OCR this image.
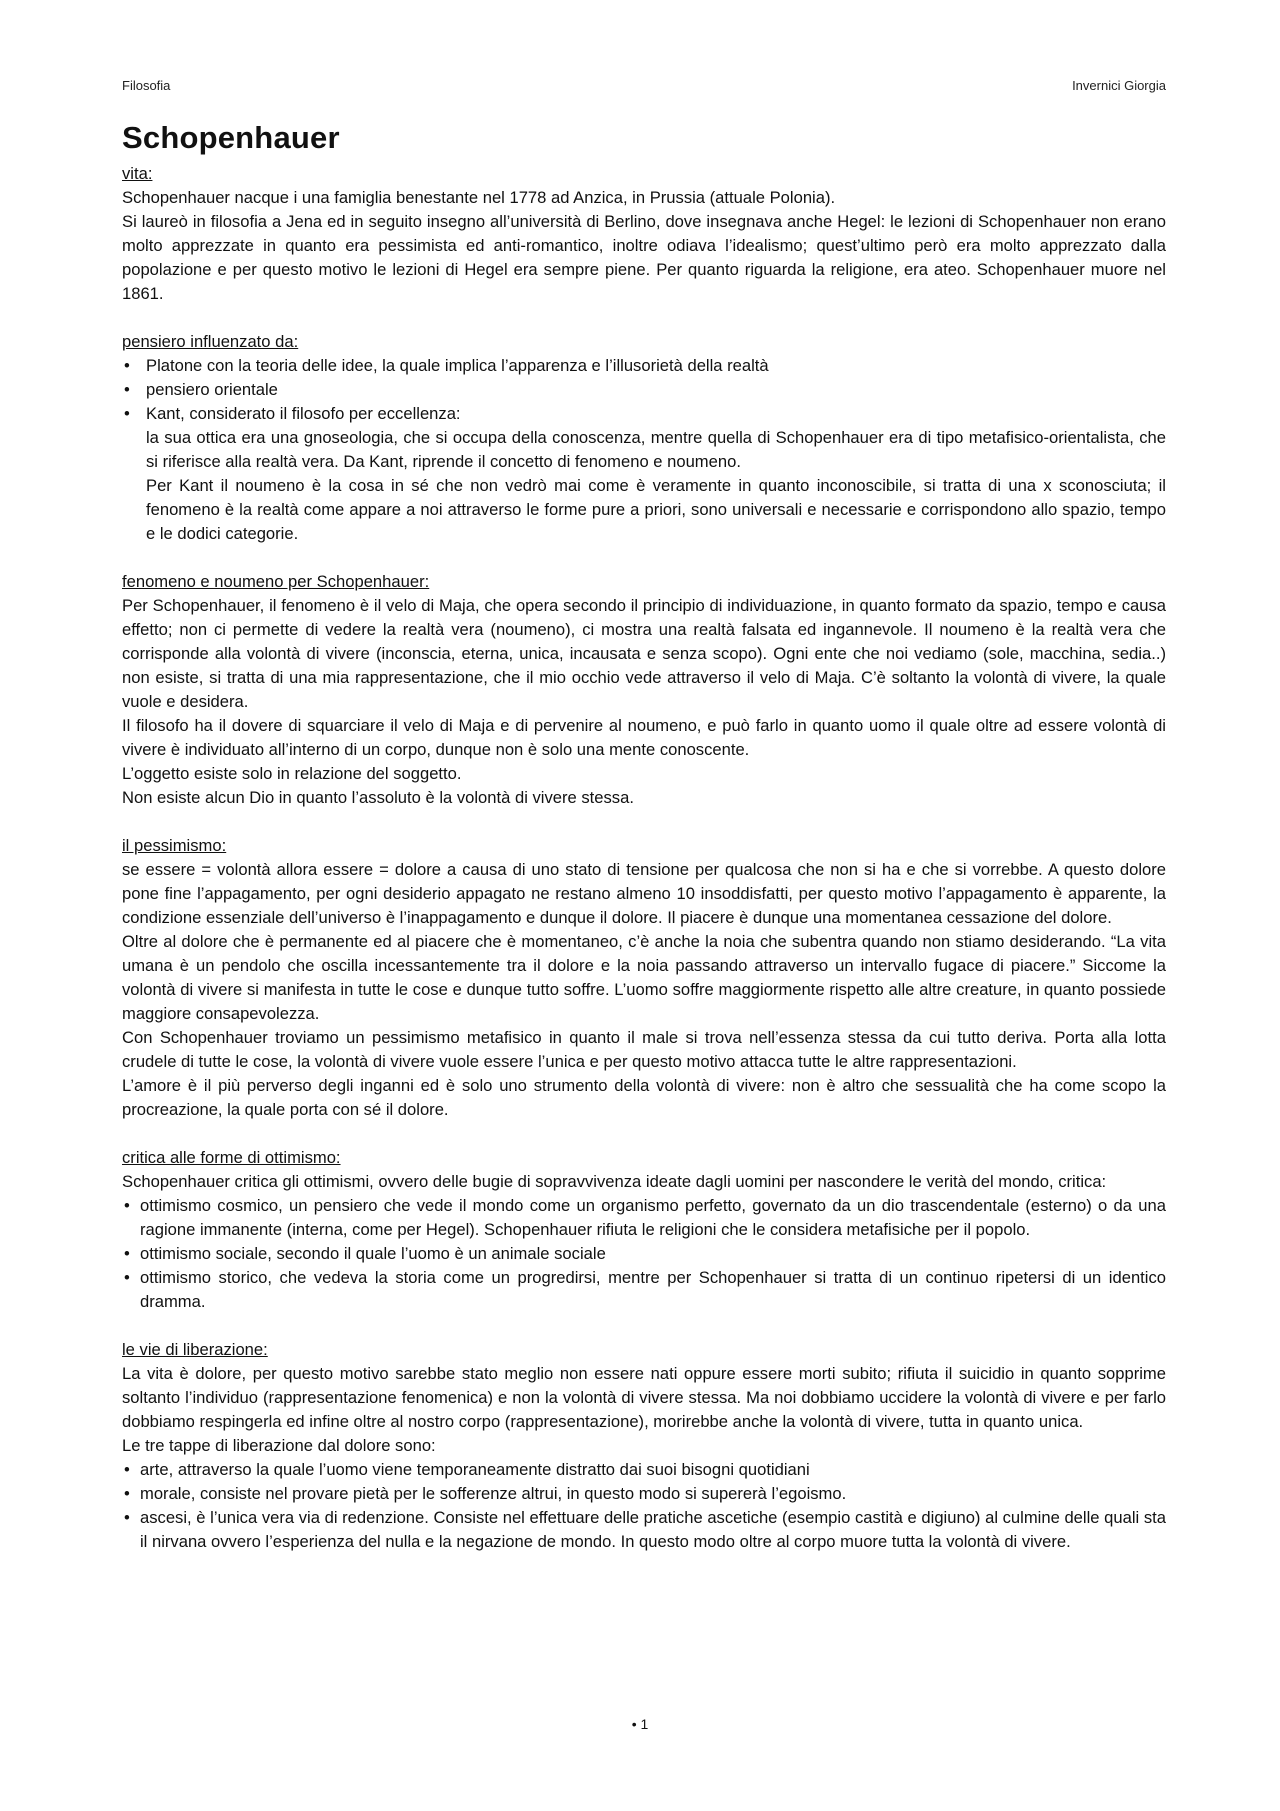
Filosofia	Invernici Giorgia
Schopenhauer
vita:

Schopenhauer nacque i una famiglia benestante nel 1778 ad Anzica, in Prussia (attuale Polonia).

Si laureò in filosofia a Jena ed in seguito insegno all’università di Berlino, dove insegnava anche Hegel: le lezioni di Schopenhauer non erano molto apprezzate in quanto era pessimista ed anti-romantico, inoltre odiava l’idealismo; quest’ultimo però era molto apprezzato dalla popolazione e per questo motivo le lezioni di Hegel era sempre piene. Per quanto riguarda la religione, era ateo. Schopenhauer muore nel 1861.

pensiero influenzato da:
• Platone con la teoria delle idee, la quale implica l’apparenza e l’illusorietà della realtà
• pensiero orientale
• Kant, considerato il filosofo per eccellenza:

la sua ottica era una gnoseologia, che si occupa della conoscenza, mentre quella di Schopenhauer era di tipo metafisico-orientalista, che si riferisce alla realtà vera. Da Kant, riprende il concetto di fenomeno e noumeno.

Per Kant il noumeno è la cosa in sé che non vedrò mai come è veramente in quanto inconoscibile, si tratta di una x sconosciuta; il fenomeno è la realtà come appare a noi attraverso le forme pure a priori, sono universali e necessarie e corrispondono allo spazio, tempo e le dodici categorie.

fenomeno e noumeno per Schopenhauer:

Per Schopenhauer, il fenomeno è il velo di Maja, che opera secondo il principio di individuazione, in quanto formato da spazio, tempo e causa effetto; non ci permette di vedere la realtà vera (noumeno), ci mostra una realtà falsata ed ingannevole. Il noumeno è la realtà vera che corrisponde alla volontà di vivere (inconscia, eterna, unica, incausata e senza scopo). Ogni ente che noi vediamo (sole, macchina, sedia..) non esiste, si tratta di una mia rappresentazione, che il mio occhio vede attraverso il velo di Maja. C’è soltanto la volontà di vivere, la quale vuole e desidera.

Il filosofo ha il dovere di squarciare il velo di Maja e di pervenire al noumeno, e può farlo in quanto uomo il quale oltre ad essere volontà di vivere è individuato all’interno di un corpo, dunque non è solo una mente conoscente.

L’oggetto esiste solo in relazione del soggetto.

Non esiste alcun Dio in quanto l’assoluto è la volontà di vivere stessa.

il pessimismo:

se essere = volontà allora essere = dolore a causa di uno stato di tensione per qualcosa che non si ha e che si vorrebbe. A questo dolore pone fine l’appagamento, per ogni desiderio appagato ne restano almeno 10 insoddisfatti, per questo motivo l’appagamento è apparente, la condizione essenziale dell’universo è l’inappagamento e dunque il dolore. Il piacere è dunque una momentanea cessazione del dolore.

Oltre al dolore che è permanente ed al piacere che è momentaneo, c’è anche la noia che subentra quando non stiamo desiderando. “La vita umana è un pendolo che oscilla incessantemente tra il dolore e la noia passando attraverso un intervallo fugace di piacere.” Siccome la volontà di vivere si manifesta in tutte le cose e dunque tutto soffre. L’uomo soffre maggiormente rispetto alle altre creature, in quanto possiede maggiore consapevolezza.

Con Schopenhauer troviamo un pessimismo metafisico in quanto il male si trova nell’essenza stessa da cui tutto deriva. Porta alla lotta crudele di tutte le cose, la volontà di vivere vuole essere l’unica e per questo motivo attacca tutte le altre rappresentazioni.

L’amore è il più perverso degli inganni ed è solo uno strumento della volontà di vivere: non è altro che sessualità che ha come scopo la procreazione, la quale porta con sé il dolore.

critica alle forme di ottimismo:

Schopenhauer critica gli ottimismi, ovvero delle bugie di sopravvivenza ideate dagli uomini per nascondere le verità del mondo, critica:

• ottimismo cosmico, un pensiero che vede il mondo come un organismo perfetto, governato da un dio trascendentale (esterno) o da una ragione immanente (interna, come per Hegel). Schopenhauer rifiuta le religioni che le considera metafisiche per il popolo.
• ottimismo sociale, secondo il quale l’uomo è un animale sociale
• ottimismo storico, che vedeva la storia come un progredirsi, mentre per Schopenhauer si tratta di un continuo ripetersi di un identico dramma.
le vie di liberazione:

La vita è dolore, per questo motivo sarebbe stato meglio non essere nati oppure essere morti subito; rifiuta il suicidio in quanto sopprime soltanto l’individuo (rappresentazione fenomenica) e non la volontà di vivere stessa. Ma noi dobbiamo uccidere la volontà di vivere e per farlo dobbiamo respingerla ed infine oltre al nostro corpo (rappresentazione), morirebbe anche la volontà di vivere, tutta in quanto unica.

Le tre tappe di liberazione dal dolore sono:

• arte, attraverso la quale l’uomo viene temporaneamente distratto dai suoi bisogni quotidiani
• morale, consiste nel provare pietà per le sofferenze altrui, in questo modo si supererà l’egoismo.
• ascesi, è l’unica vera via di redenzione. Consiste nel effettuare delle pratiche ascetiche (esempio castità e digiuno) al culmine delle quali sta il nirvana ovvero l’esperienza del nulla e la negazione de mondo. In questo modo oltre al corpo muore tutta la volontà di vivere.
• 1
